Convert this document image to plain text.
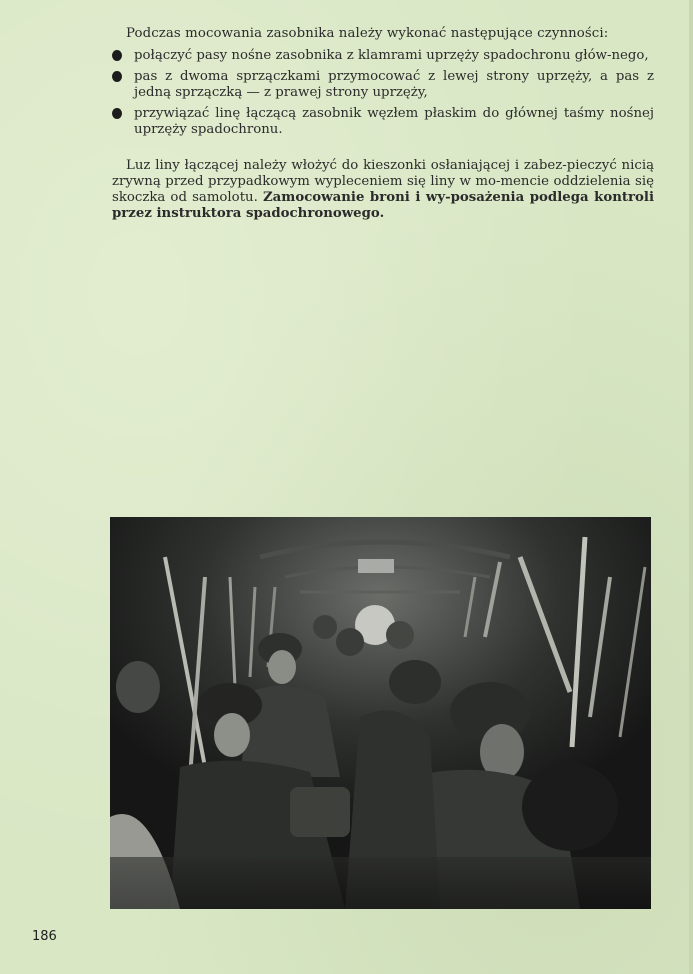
Podczas mocowania zasobnika należy wykonać następujące czynności:

połączyć pasy nośne zasobnika z klamrami uprzęży spadochronu głów-nego,
pas z dwoma sprzączkami przymocować z lewej strony uprzęży, a pas z jedną sprzączką — z prawej strony uprzęży,
przywiązać linę łączącą zasobnik węzłem płaskim do głównej taśmy nośnej uprzęży spadochronu.

Luz liny łączącej należy włożyć do kieszonki osłaniającej i zabez-pieczyć nicią zrywną przed przypadkowym wypleceniem się liny w mo-mencie oddzielenia się skoczka od samolotu. Zamocowanie broni i wy-posażenia podlega kontroli przez instruktora spadochronowego.

186
